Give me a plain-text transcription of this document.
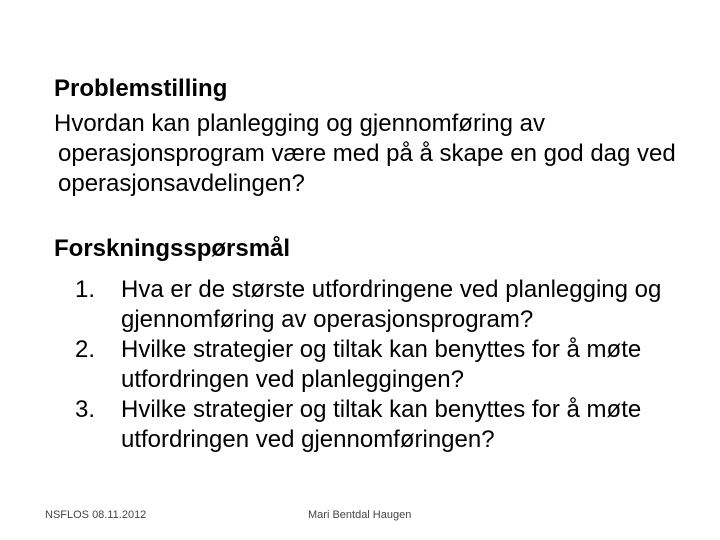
Problemstilling
Hvordan kan planlegging og gjennomføring av operasjonsprogram være med på å skape en god dag ved operasjonsavdelingen?
Forskningsspørsmål
1. Hva er de største utfordringene ved planlegging og gjennomføring av operasjonsprogram?
2. Hvilke strategier og tiltak kan benyttes for å møte utfordringen ved planleggingen?
3. Hvilke strategier og tiltak kan benyttes for å møte utfordringen ved gjennomføringen?
NSFLOS 08.11.2012	Mari Bentdal Haugen
